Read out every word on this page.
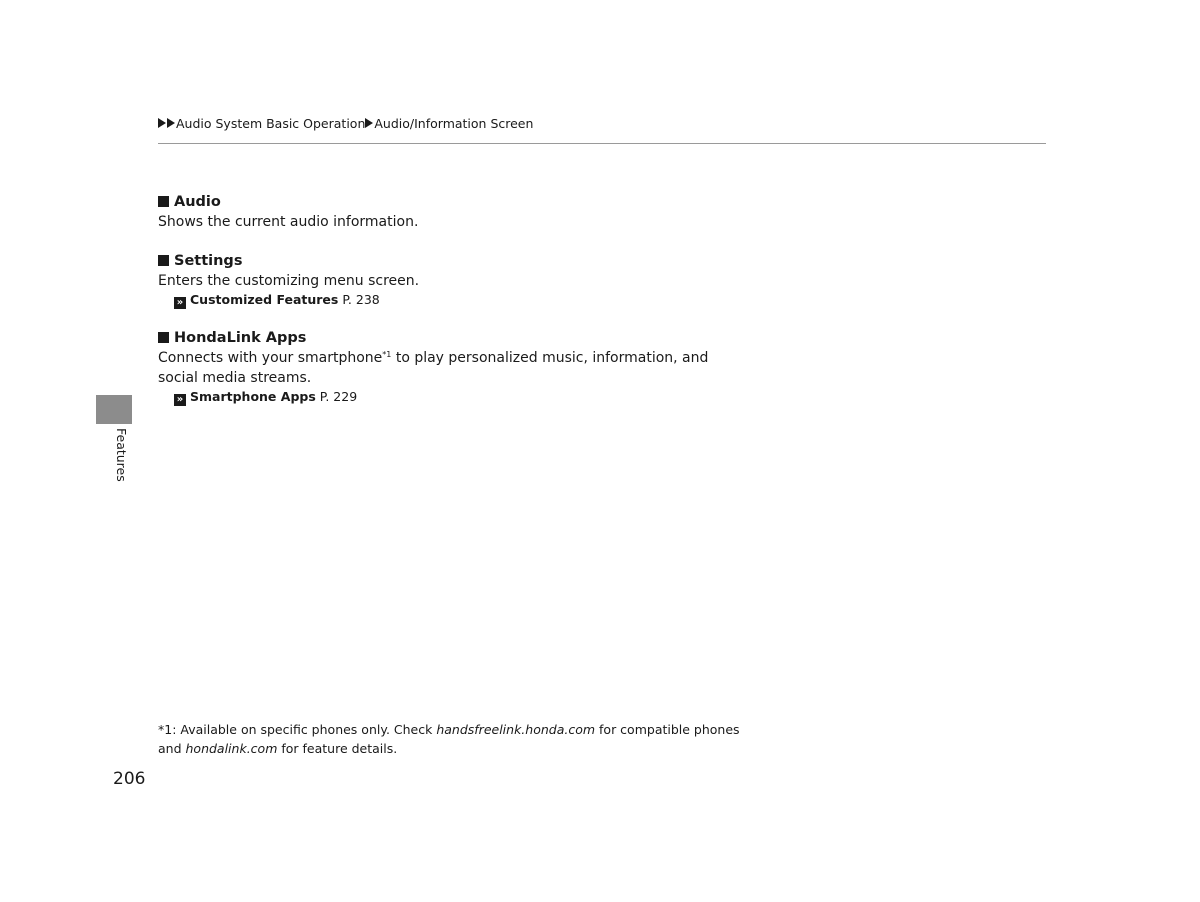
Audio System Basic Operation Audio/Information Screen
Audio
Shows the current audio information.
Settings
Enters the customizing menu screen.
» Customized Features P. 238
HondaLink Apps
Connects with your smartphone$^{*1}$ to play personalized music, information, and
social media streams.
» Smartphone Apps P. 229
Features
*1: Available on specific phones only. Check handsfreelink.honda.com for compatible phones
and hondalink.com for feature details.
206
